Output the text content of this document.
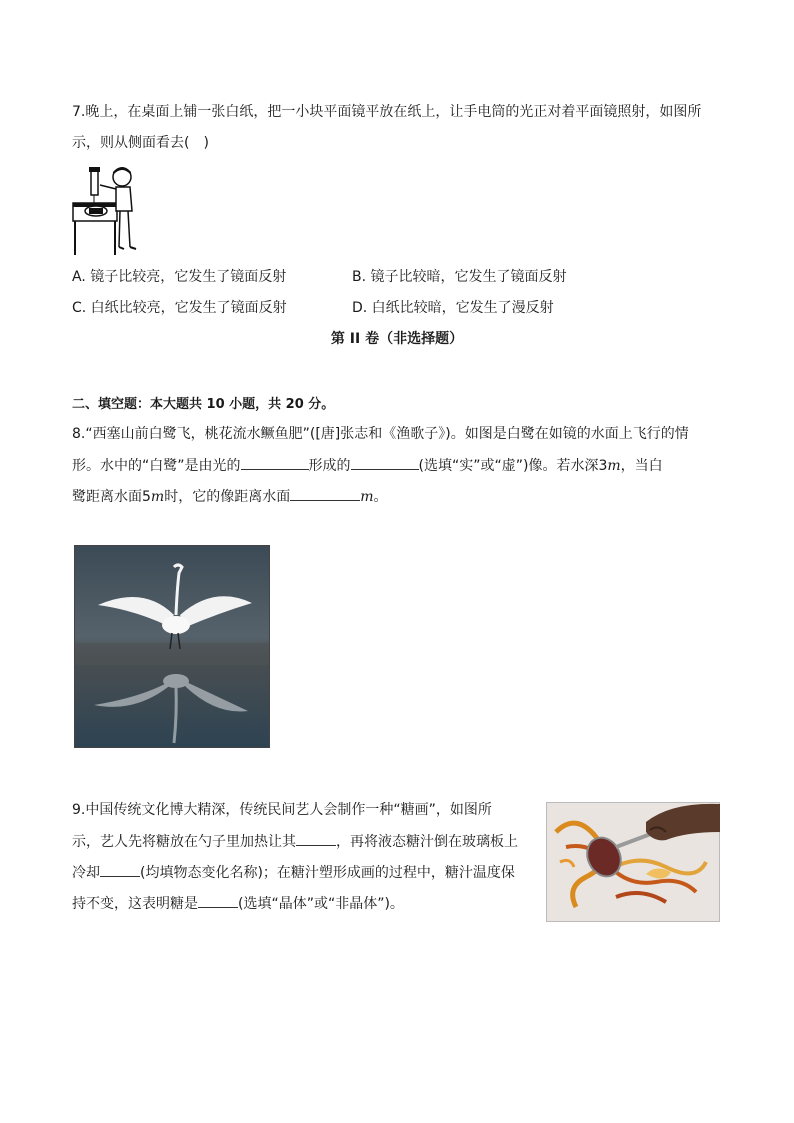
7.晚上，在桌面上铺一张白纸，把一小块平面镜平放在纸上，让手电筒的光正对着平面镜照射，如图所
示，则从侧面看去(　)
A. 镜子比较亮，它发生了镜面反射	B. 镜子比较暗，它发生了镜面反射
C. 白纸比较亮，它发生了镜面反射	D. 白纸比较暗，它发生了漫反射
第 II 卷（非选择题）
二、填空题：本大题共 10 小题，共 20 分。
8.“西塞山前白鹭飞，桃花流水鳜鱼肥”([唐]张志和《渔歌子》)。如图是白鹭在如镜的水面上飞行的情
形。水中的“白鹭”是由光的	形成的	(选填“实”或“虚”)像。若水深3m，当白
鹭距离水面5m时，它的像距离水面	m。
9.中国传统文化博大精深，传统民间艺人会制作一种“糖画”，如图所
示，艺人先将糖放在勺子里加热让其	，再将液态糖汁倒在玻璃板上
冷却	(均填物态变化名称)；在糖汁塑形成画的过程中，糖汁温度保
持不变，这表明糖是	(选填“晶体”或“非晶体”)。
